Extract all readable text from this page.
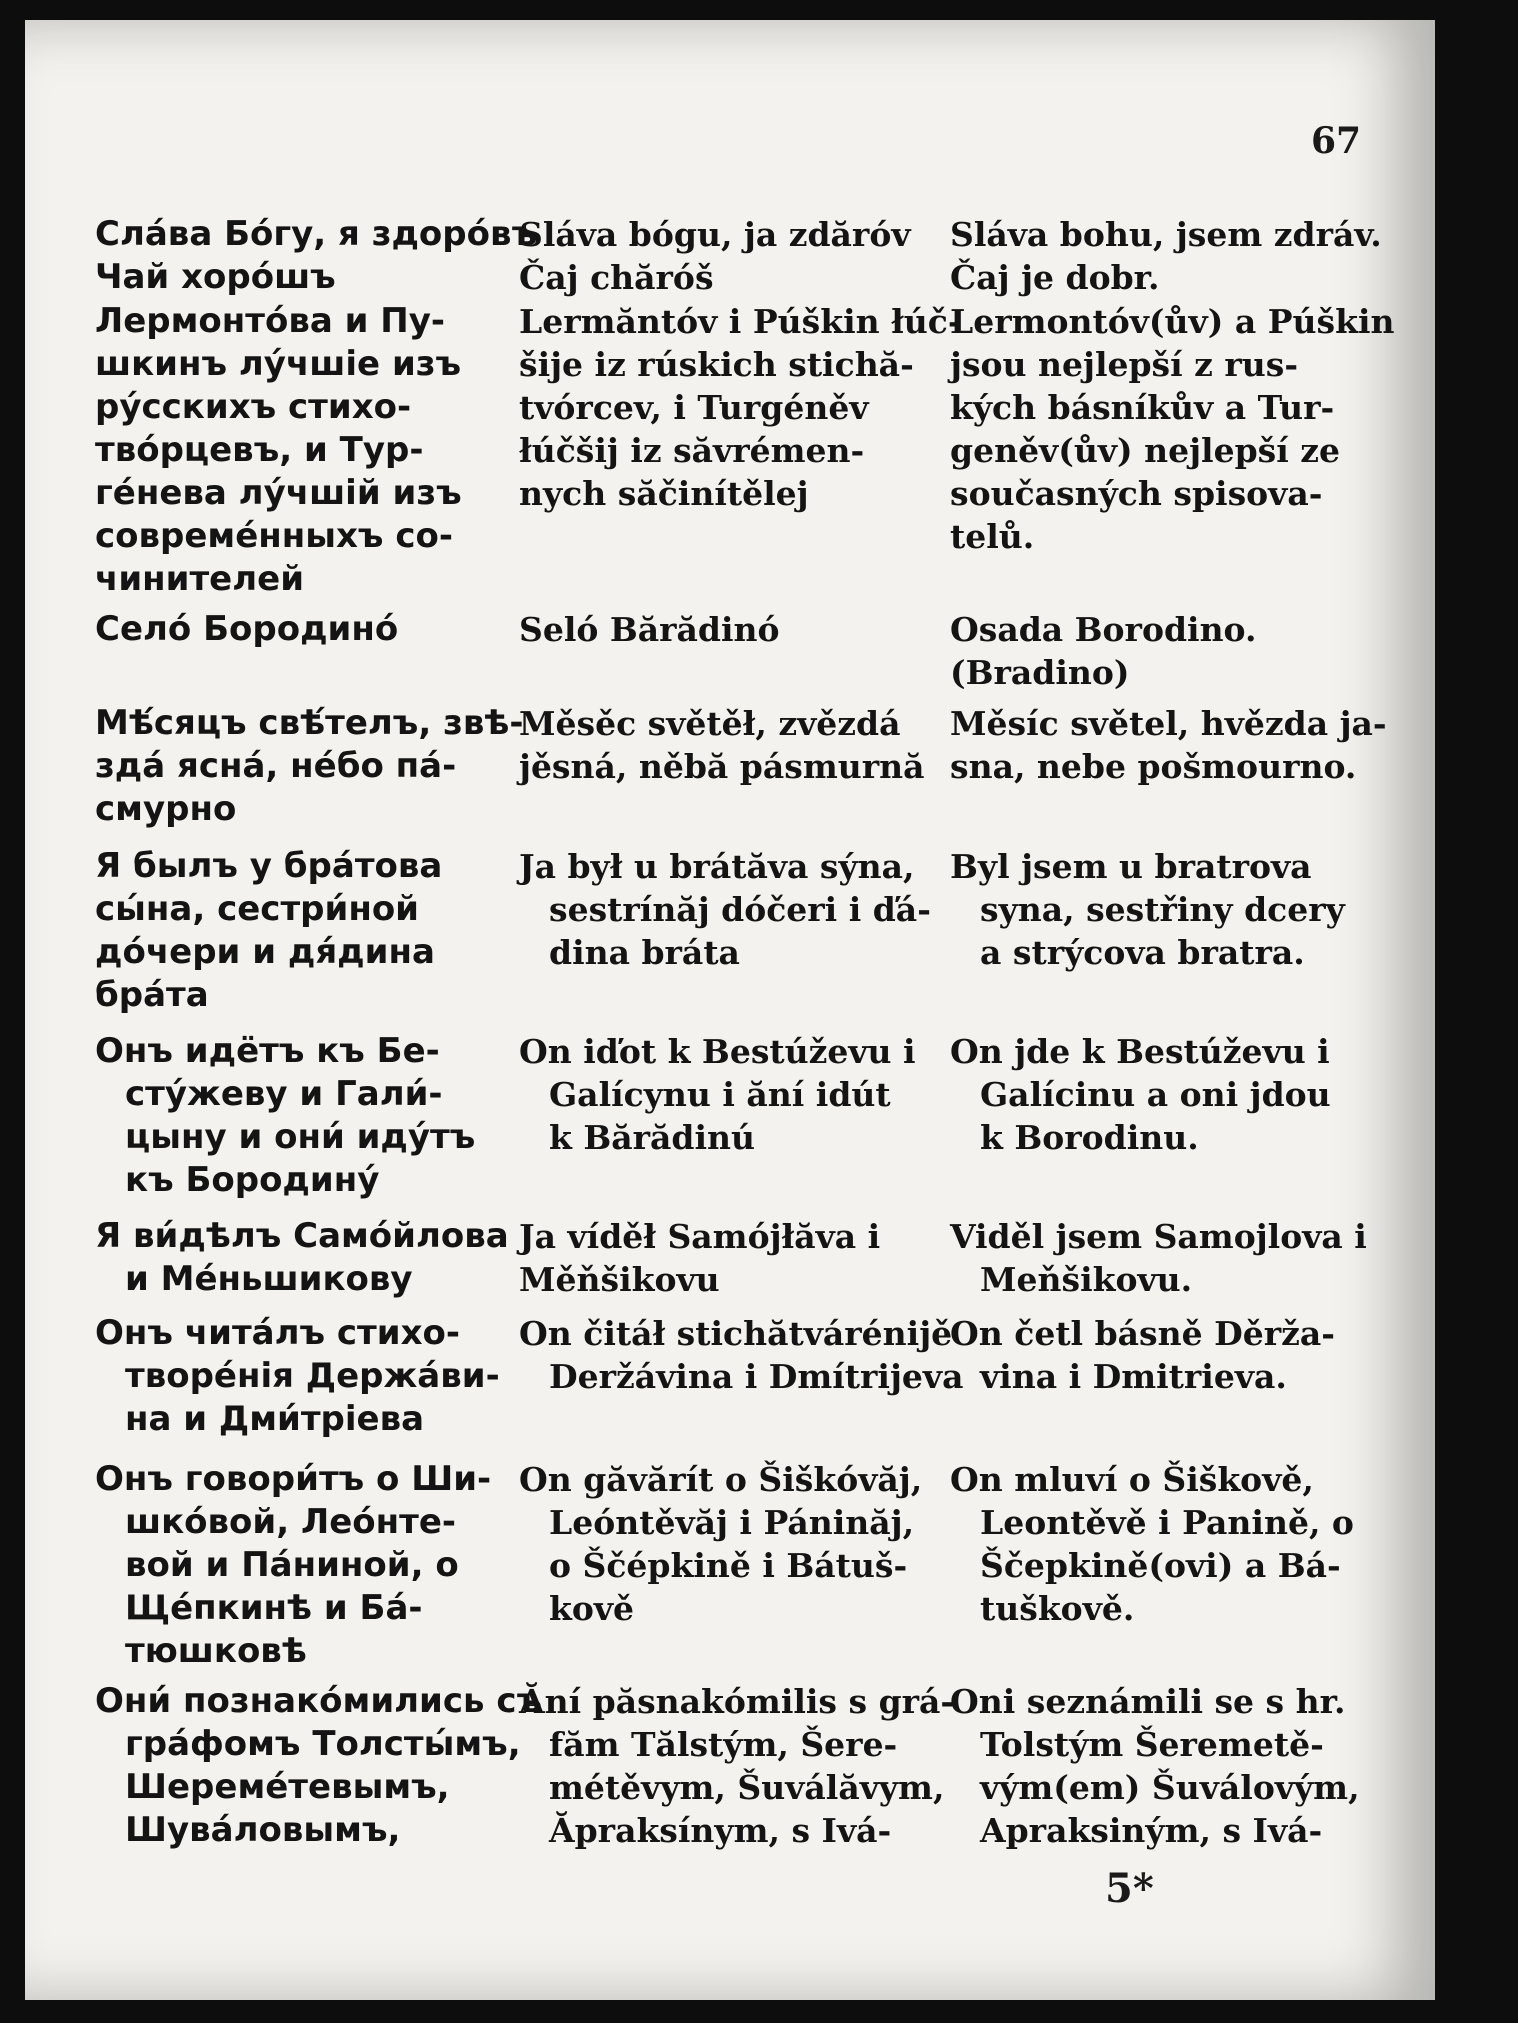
67
Сла́ва Бо́гу, я здоро́въ
Чай хоро́шъ
Sláva bógu, ja zdăróv
Čaj chăróš
Sláva bohu, jsem zdráv.
Čaj je dobr.
Лермонто́ва и Пу-
шкинъ лу́чшіе изъ
ру́сскихъ стихо-
тво́рцевъ, и Тур-
ге́нева лу́чшій изъ
совреме́нныхъ со-
чинителей
Lermăntóv i Púškin łúč-
šije iz rúskich stichă-
tvórcev, i Turgéněv
łúčšij iz săvrémen-
nych săčinítělej
Lermontóv(ův) a Púškin
jsou nejlepší z rus-
kých básníkův a Tur-
geněv(ův) nejlepší ze
současných spisova-
telů.
Село́ Бородино́	Seló Bărădinó	Osada Borodino.
(Bradino)
Мѣ́сяцъ свѣ́телъ, звѣ-
зда́ ясна́, не́бо па́-
смурно
Měsěc světěł, zvězdá
jěsná, něbă pásmurnă
Měsíc světel, hvězda ja-
sna, nebe pošmourno.
Я былъ у бра́това
сы́на, сестри́ной
до́чери и дя́дина
бра́та
Ja był u brátăva sýna,
sestrínăj dóčeri i ďá-
dina bráta
Byl jsem u bratrova
syna, sestřiny dcery
a strýcova bratra.
Онъ идётъ къ Бе-
сту́жеву и Гали́-
цыну и они́ иду́тъ
къ Бородину́
On iďot k Bestúževu i
Galícynu i ăní idút
k Bărădinú
On jde k Bestúževu i
Galícinu a oni jdou
k Borodinu.
Я ви́дѣлъ Само́йлова
и Ме́ньшикову
Ja víděł Samójłăva i
Měňšikovu
Viděl jsem Samojlova i
Meňšikovu.
Онъ чита́лъ стихо-
творе́нія Держа́ви-
на и Дми́тріева
On čitáł stichătvárénijě
Deržávina i Dmítrijeva
On četl básně Děrža-
vina i Dmitrieva.
Онъ говори́тъ о Ши-
шко́вой, Лео́нте-
вой и Па́ниной, о
Ще́пкинѣ и Ба́-
тюшковѣ
On găvărít o Šiškóvăj,
Leóntěvăj i Páninăj,
o Ščépkině i Bátuš-
kově
On mluví o Šiškově,
Leontěvě i Panině, o
Ščepkině(ovi) a Bá-
tuškově.
Они́ познако́мились съ
гра́фомъ Толсты́мъ,
Шереме́тевымъ,
Шува́ловымъ,
Ăní păsnakómilis s grá-
făm Tălstým, Šere-
métěvym, Šuválăvym,
Ăpraksínym, s Ivá-
Oni seznámili se s hr.
Tolstým Šeremetě-
vým(em) Šuválovým,
Apraksiným, s Ivá-
5*
